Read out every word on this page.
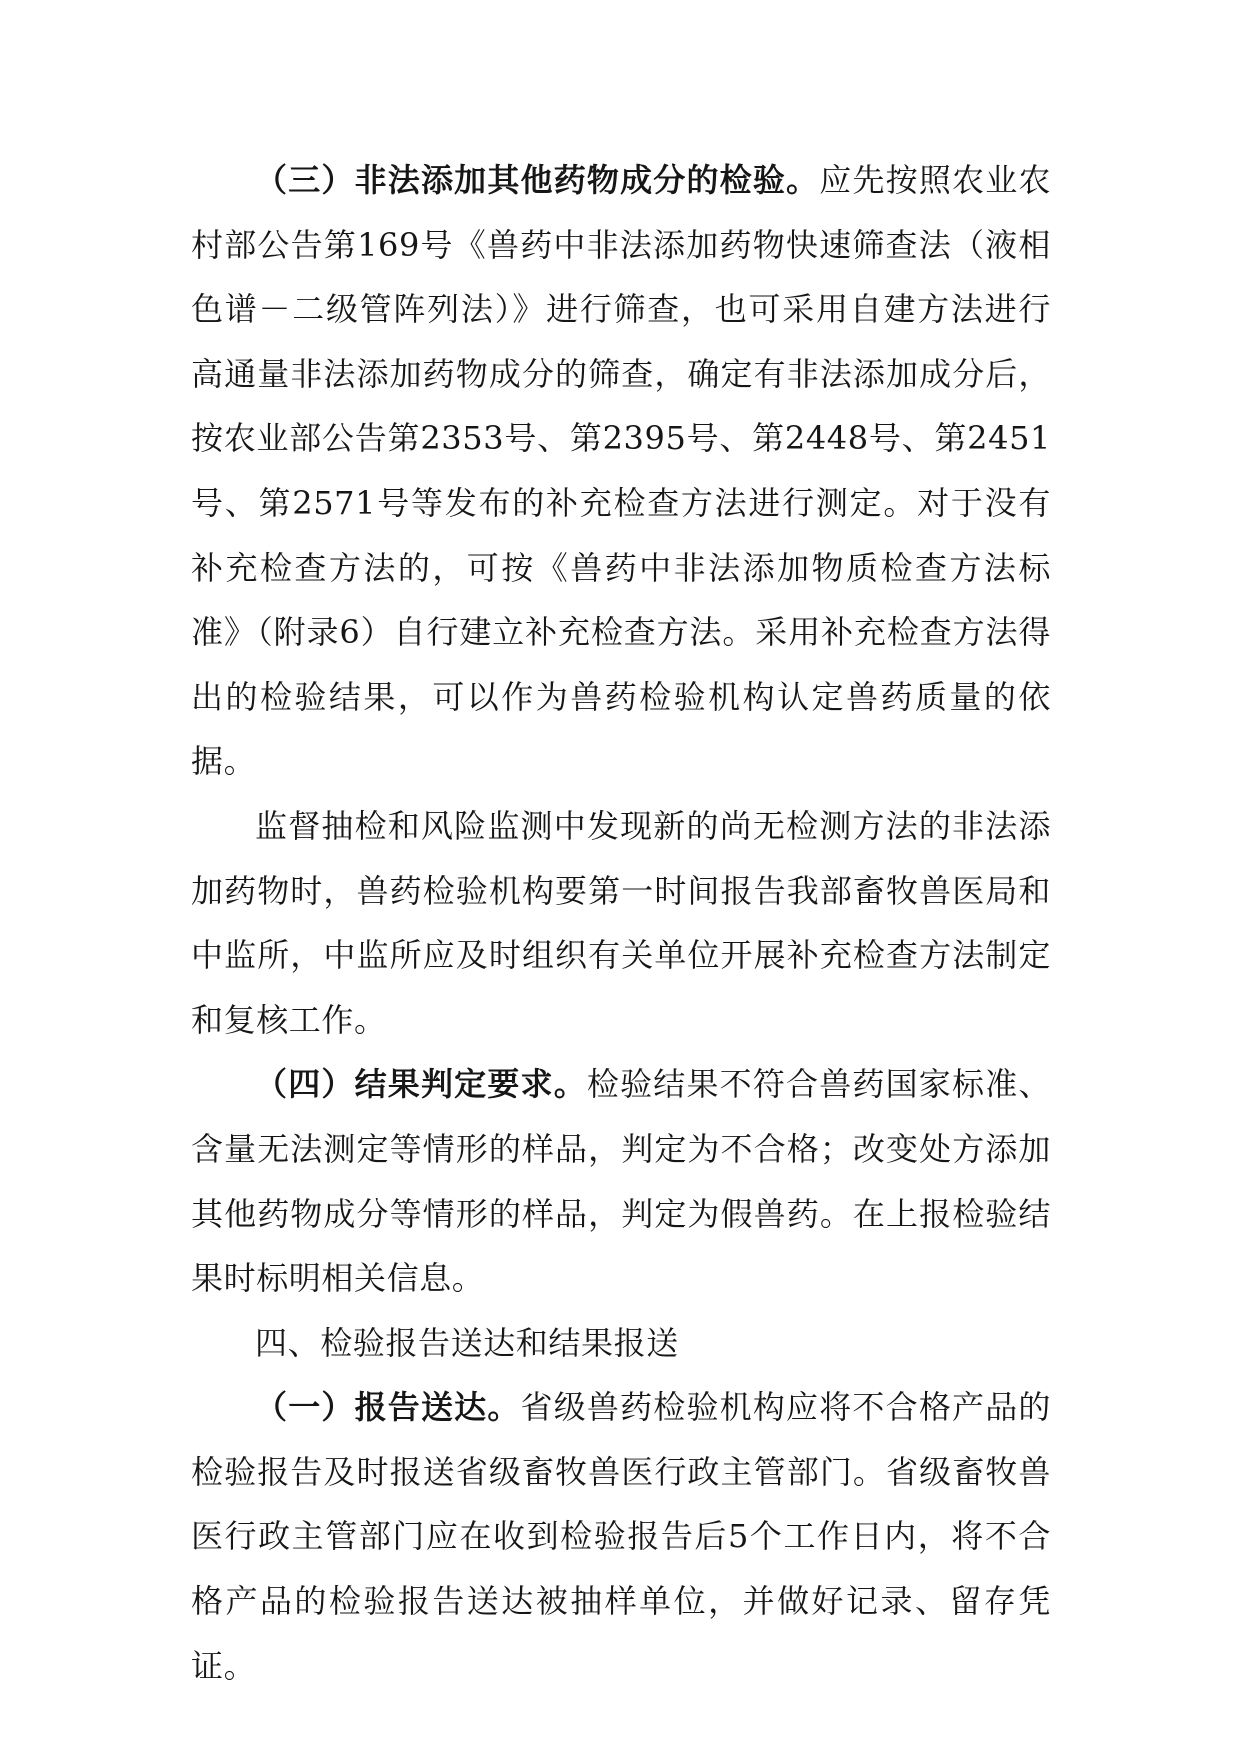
（三）非法添加其他药物成分的检验。应先按照农业农村部公告第169号《兽药中非法添加药物快速筛查法（液相色谱－二级管阵列法）》进行筛查，也可采用自建方法进行高通量非法添加药物成分的筛查，确定有非法添加成分后，按农业部公告第2353号、第2395号、第2448号、第2451号、第2571号等发布的补充检查方法进行测定。对于没有补充检查方法的，可按《兽药中非法添加物质检查方法标准》（附录6）自行建立补充检查方法。采用补充检查方法得出的检验结果，可以作为兽药检验机构认定兽药质量的依据。

监督抽检和风险监测中发现新的尚无检测方法的非法添加药物时，兽药检验机构要第一时间报告我部畜牧兽医局和中监所，中监所应及时组织有关单位开展补充检查方法制定和复核工作。

（四）结果判定要求。检验结果不符合兽药国家标准、含量无法测定等情形的样品，判定为不合格；改变处方添加其他药物成分等情形的样品，判定为假兽药。在上报检验结果时标明相关信息。

四、检验报告送达和结果报送

（一）报告送达。省级兽药检验机构应将不合格产品的检验报告及时报送省级畜牧兽医行政主管部门。省级畜牧兽医行政主管部门应在收到检验报告后5个工作日内，将不合格产品的检验报告送达被抽样单位，并做好记录、留存凭证。
